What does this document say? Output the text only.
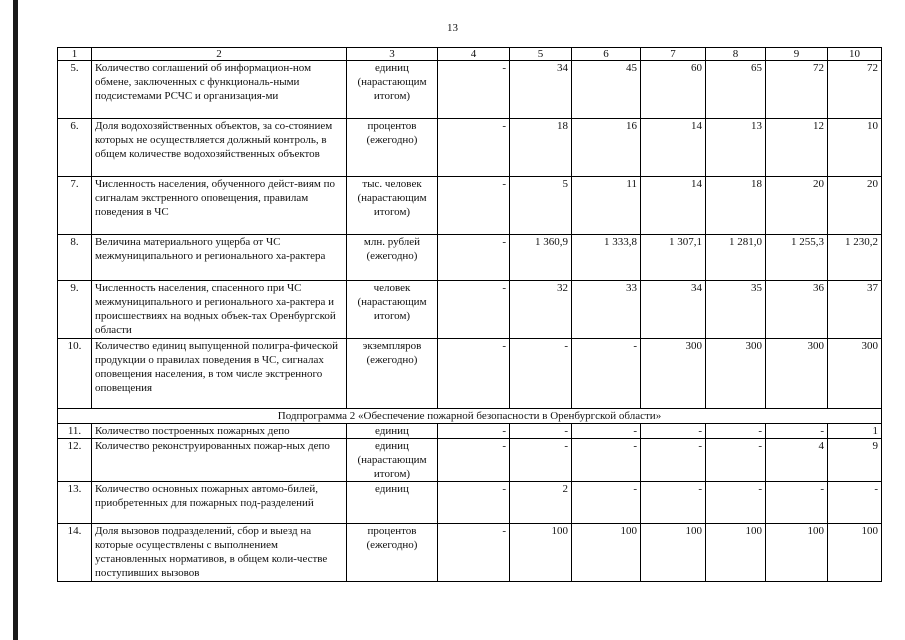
13
1	2	3	4	5	6	7	8	9	10
5.	Количество соглашений об информацион-ном обмене, заключенных с функциональ-ными подсистемами РСЧС и организация-ми	единиц (нарастающим итогом)	-	34	45	60	65	72	72
6.	Доля водохозяйственных объектов, за со-стоянием которых не осуществляется должный контроль, в общем количестве водохозяйственных объектов	процентов (ежегодно)	-	18	16	14	13	12	10
7.	Численность населения, обученного дейст-виям по сигналам экстренного оповещения, правилам поведения в ЧС	тыс. человек (нарастающим итогом)	-	5	11	14	18	20	20
8.	Величина материального ущерба от ЧС межмуниципального и регионального ха-рактера	млн. рублей (ежегодно)	-	1 360,9	1 333,8	1 307,1	1 281,0	1 255,3	1 230,2
9.	Численность населения, спасенного при ЧС межмуниципального и регионального ха-рактера и происшествиях на водных объек-тах Оренбургской области	человек (нарастающим итогом)	-	32	33	34	35	36	37
10.	Количество единиц выпущенной полигра-фической продукции о правилах поведения в ЧС, сигналах оповещения населения, в том числе экстренного оповещения	экземпляров (ежегодно)	-	-	-	300	300	300	300
Подпрограмма 2 «Обеспечение пожарной безопасности в Оренбургской области»									
11.	Количество построенных пожарных депо	единиц	-	-	-	-	-	-	1
12.	Количество реконструированных пожар-ных депо	единиц (нарастающим итогом)	-	-	-	-	-	4	9
13.	Количество основных пожарных автомо-билей, приобретенных для пожарных под-разделений	единиц	-	2	-	-	-	-	-
14.	Доля вызовов подразделений, сбор и выезд на которые осуществлены с выполнением установленных нормативов, в общем коли-честве поступивших вызовов	процентов (ежегодно)	-	100	100	100	100	100	100
